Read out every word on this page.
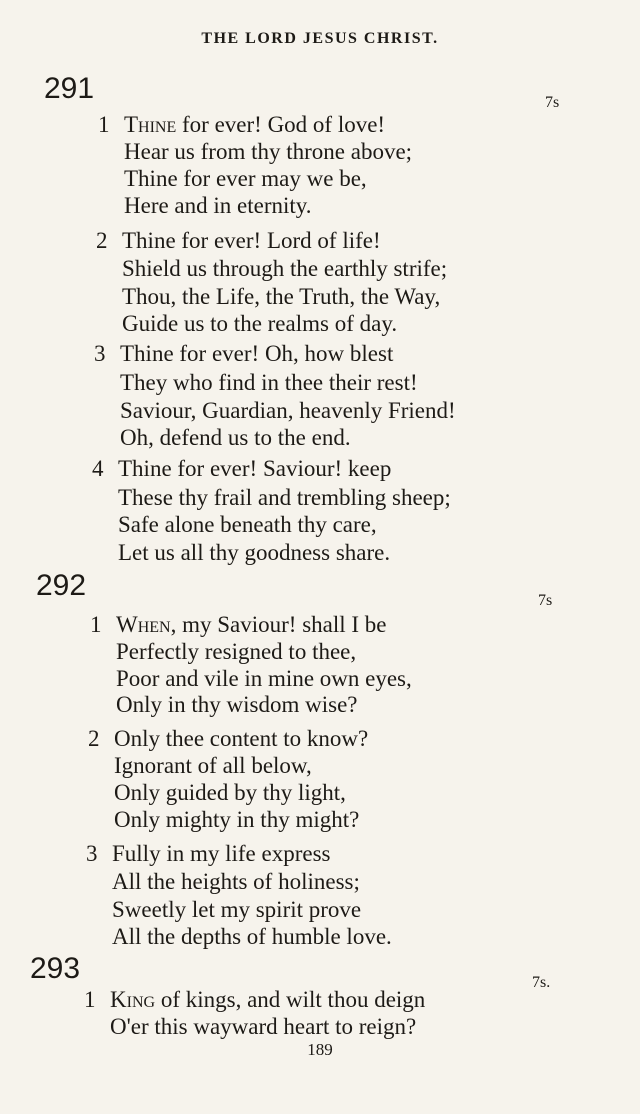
THE LORD JESUS CHRIST.
291	7s
1 Thine for ever! God of love!
Hear us from thy throne above;
Thine for ever may we be,
Here and in eternity.
2 Thine for ever! Lord of life!
Shield us through the earthly strife;
Thou, the Life, the Truth, the Way,
Guide us to the realms of day.
3 Thine for ever! Oh, how blest
They who find in thee their rest!
Saviour, Guardian, heavenly Friend!
Oh, defend us to the end.
4 Thine for ever! Saviour! keep
These thy frail and trembling sheep;
Safe alone beneath thy care,
Let us all thy goodness share.
292	7s
1 When, my Saviour! shall I be
Perfectly resigned to thee,
Poor and vile in mine own eyes,
Only in thy wisdom wise?
2 Only thee content to know?
Ignorant of all below,
Only guided by thy light,
Only mighty in thy might?
3 Fully in my life express
All the heights of holiness;
Sweetly let my spirit prove
All the depths of humble love.
293	7s.
1 King of kings, and wilt thou deign
O'er this wayward heart to reign?
189
